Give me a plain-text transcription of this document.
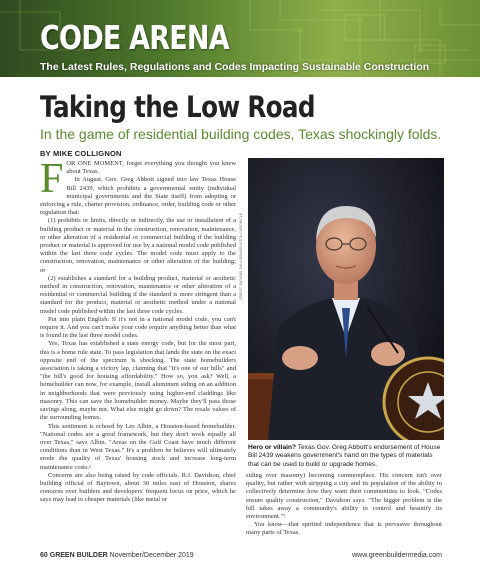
CODE ARENA
The Latest Rules, Regulations and Codes Impacting Sustainable Construction
Taking the Low Road
In the game of residential building codes, Texas shockingly folds.
BY MIKE COLLIGNON

FOR ONE MOMENT, forget everything you thought you knew about Texas.

In August, Gov. Greg Abbott signed into law Texas House Bill 2439, which prohibits a governmental entity (individual municipal governments and the State itself) from adopting or enforcing a rule, charter provision, ordinance, order, building code or other regulation that:

(1) prohibits or limits, directly or indirectly, the use or installation of a building product or material in the construction, renovation, maintenance, or other alteration of a residential or commercial building if the building product or material is approved for use by a national model code published within the last three code cycles. The model code must apply to the construction, renovation, maintenance or other alteration of the building; or

(2) establishes a standard for a building product, material or aesthetic method in construction, renovation, maintenance or other alteration of a residential or commercial building if the standard is more stringent than a standard for the product, material or aesthetic method under a national model code published within the last three code cycles.

Put into plain English: If it's not in a national model code, you can't require it. And you can't make your code require anything better than what is found in the last three model codes.

Yes, Texas has established a state energy code, but for the most part, this is a home rule state. To pass legislation that lands the state on the exact opposite end of the spectrum is shocking. The state homebuilders association is taking a victory lap, claiming that "it's one of our bills" and "the bill's good for housing affordability." How so, you ask? Well, a homebuilder can now, for example, install aluminum siding on an addition in neighborhoods that were previously using higher-end claddings like masonry. This can save the homebuilder money. Maybe they'll pass those savings along, maybe not. What else might go down? The resale values of the surrounding homes.

This sentiment is echoed by Les Albin, a Houston-based homebuilder. "National codes are a good framework, but they don't work equally all over Texas," says Albin. "Areas on the Gulf Coast have much different conditions than in West Texas." It's a problem he believes will ultimately erode the quality of Texas' housing stock and increase long-term maintenance costs.¹

Concerns are also being raised by code officials. R.J. Davidson, chief building official of Baytown, about 30 miles east of Houston, shares concerns over builders and developers' frequent focus on price, which he says may lead to cheaper materials (like metal or

CREDIT: MICHAEL PAULSEN/HOUSTON CHRONICLE
Hero or villain? Texas Gov. Greg Abbott's endorsement of House Bill 2439 weakens government's hand on the types of materials that can be used to build or upgrade homes.

siding over masonry) becoming commonplace. His concern isn't over quality, but rather with stripping a city and its population of the ability to collectively determine how they want their communities to look. "Codes ensure quality construction," Davidson says. "The bigger problem is the bill takes away a community's ability to control and beautify its environment."¹

You know—that spirited independence that is pervasive throughout many parts of Texas.

60 GREEN BUILDER November/December 2019	www.greenbuildermedia.com
